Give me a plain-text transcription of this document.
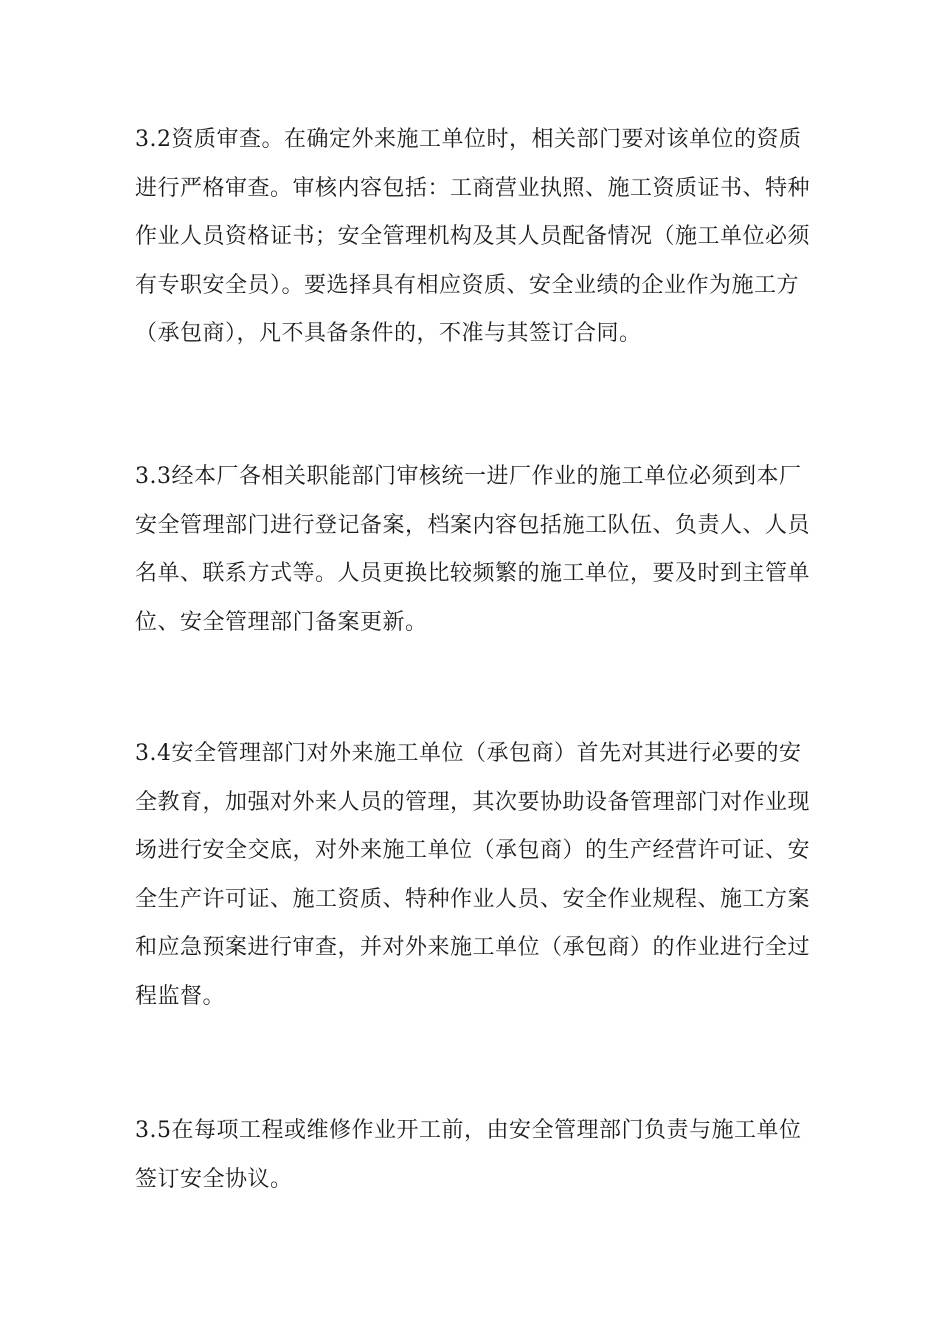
3.2资质审查。在确定外来施工单位时，相关部门要对该单位的资质
进行严格审查。审核内容包括：工商营业执照、施工资质证书、特种
作业人员资格证书；安全管理机构及其人员配备情况（施工单位必须
有专职安全员）。要选择具有相应资质、安全业绩的企业作为施工方
（承包商），凡不具备条件的，不准与其签订合同。
3.3经本厂各相关职能部门审核统一进厂作业的施工单位必须到本厂
安全管理部门进行登记备案，档案内容包括施工队伍、负责人、人员
名单、联系方式等。人员更换比较频繁的施工单位，要及时到主管单
位、安全管理部门备案更新。
3.4安全管理部门对外来施工单位（承包商）首先对其进行必要的安
全教育，加强对外来人员的管理，其次要协助设备管理部门对作业现
场进行安全交底，对外来施工单位（承包商）的生产经营许可证、安
全生产许可证、施工资质、特种作业人员、安全作业规程、施工方案
和应急预案进行审查，并对外来施工单位（承包商）的作业进行全过
程监督。
3.5在每项工程或维修作业开工前，由安全管理部门负责与施工单位
签订安全协议。
